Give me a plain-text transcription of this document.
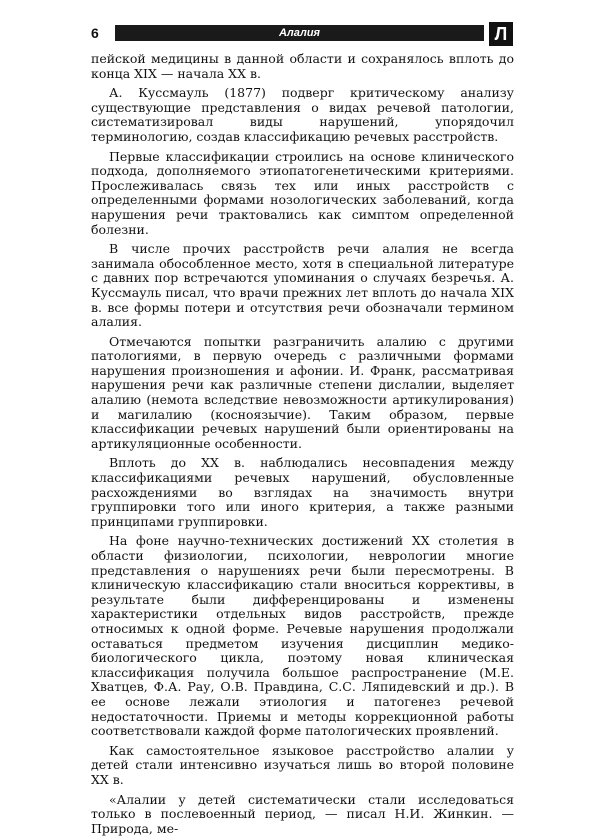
6	Алалия	Л

пейской медицины в данной области и сохранялось вплоть до конца XIX — начала XX в.

А. Куссмауль (1877) подверг критическому анализу существующие представления о видах речевой патологии, систематизировал виды нарушений, упорядочил терминологию, создав классификацию речевых расстройств.

Первые классификации строились на основе клинического подхода, дополняемого этиопатогенетическими критериями. Прослеживалась связь тех или иных расстройств с определенными формами нозологических заболеваний, когда нарушения речи трактовались как симптом определенной болезни.

В числе прочих расстройств речи алалия не всегда занимала обособленное место, хотя в специальной литературе с давних пор встречаются упоминания о случаях безречья. А. Куссмауль писал, что врачи прежних лет вплоть до начала XIX в. все формы потери и отсутствия речи обозначали термином алалия.

Отмечаются попытки разграничить алалию с другими патологиями, в первую очередь с различными формами нарушения произношения и афонии. И. Франк, рассматривая нарушения речи как различные степени дислалии, выделяет алалию (немота вследствие невозможности артикулирования) и магилалию (косноязычие). Таким образом, первые классификации речевых нарушений были ориентированы на артикуляционные особенности.

Вплоть до XX в. наблюдались несовпадения между классификациями речевых нарушений, обусловленные расхождениями во взглядах на значимость внутри группировки того или иного критерия, а также разными принципами группировки.

На фоне научно-технических достижений XX столетия в области физиологии, психологии, неврологии многие представления о нарушениях речи были пересмотрены. В клиническую классификацию стали вноситься коррективы, в результате были дифференцированы и изменены характеристики отдельных видов расстройств, прежде относимых к одной форме. Речевые нарушения продолжали оставаться предметом изучения дисциплин медико-биологического цикла, поэтому новая клиническая классификация получила большое распространение (М.Е. Хватцев, Ф.А. Рау, О.В. Правдина, С.С. Ляпидевский и др.). В ее основе лежали этиология и патогенез речевой недостаточности. Приемы и методы коррекционной работы соответствовали каждой форме патологических проявлений.

Как самостоятельное языковое расстройство алалии у детей стали интенсивно изучаться лишь во второй половине XX в.

«Алалии у детей систематически стали исследоваться только в послевоенный период, — писал Н.И. Жинкин. — Природа, ме-
